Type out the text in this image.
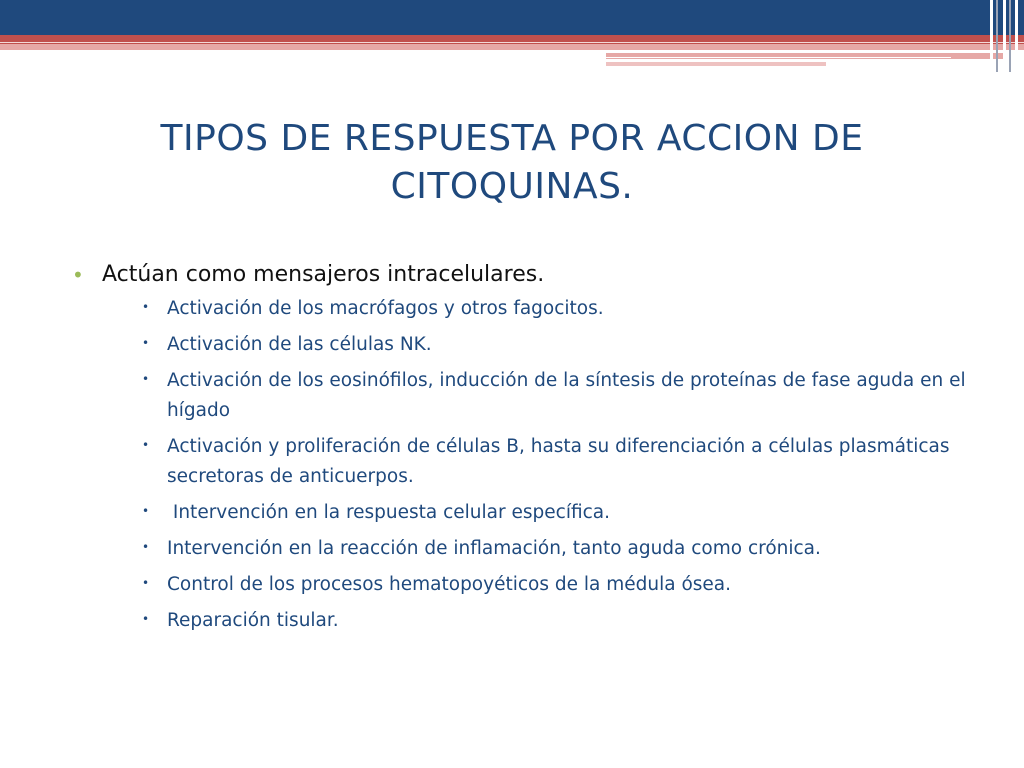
TIPOS DE RESPUESTA POR ACCION DE CITOQUINAS.
• Actúan como mensajeros intracelulares.
• Activación de los macrófagos y otros fagocitos.
• Activación de las células NK.
• Activación de los eosinófilos, inducción de la síntesis de proteínas de fase aguda en el hígado
• Activación y proliferación de células B, hasta su diferenciación a células plasmáticas secretoras de anticuerpos.
• Intervención en la respuesta celular específica.
• Intervención en la reacción de inflamación, tanto aguda como crónica.
• Control de los procesos hematopoyéticos de la médula ósea.
• Reparación tisular.
